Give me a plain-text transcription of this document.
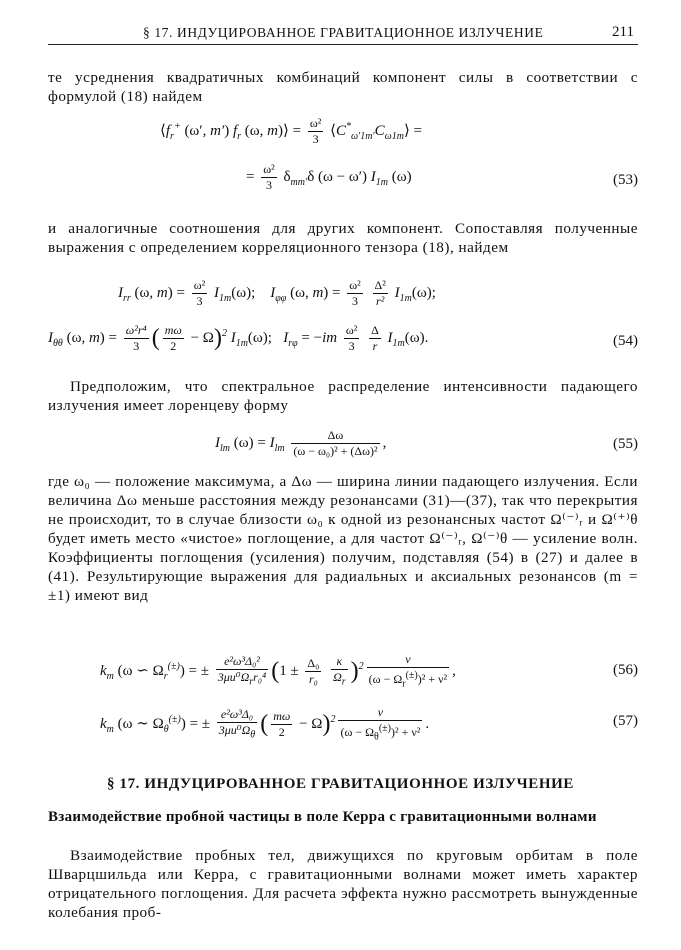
§ 17. ИНДУЦИРОВАННОЕ ГРАВИТАЦИОННОЕ ИЗЛУЧЕНИЕ	211

те усреднения квадратичных комбинаций компонент силы в соответствии с формулой (18) найдем

$⟨f_r^+$ (ω′, m′) $f_r$ (ω, m)⟩ = $\frac{\text{ω²}}{3}$ $⟨C^*_{\omega'1m'}C_{\omega 1m}⟩$ =
= $\frac{\text{ω²}}{3} \delta_{mm'}\delta$ (ω − ω′) $I_{1m}$ (ω)	(53)

и аналогичные соотношения для других компонент. Сопоставляя полученные выражения с определением корреляционного тензора (18), найдем

$I_{rr}$ (ω, $m) = \frac{\text{ω²}}{3} I_{1m}(\omega)$;    $I_{\varphi\varphi}$ (ω, $m) = \frac{\text{ω²}}{3}$
$\frac{\text{Δ²}}{\text{r²}} I_{1m}(\omega)$;
$I_{\theta\theta}$ (ω, $m) = \frac{\text{ω²r⁴}}{3}$ ( $\frac{m\omega}{2} - \Omega)^2$ $I_{1m}(\omega)$;   $I_{r\varphi} = -im \frac{\text{ω²}}{3}$
$\frac{\Delta}{r} I_{1m}(\omega)$.	(54)

Предположим, что спектральное распределение интенсивности падающего излучения имеет лоренцеву форму

$I_{lm}$ $(\omega) = I_{lm} \frac{\Delta\omega}{\text{(ω − ω₀)² + (Δω)²}}$ ,	(55)

где ω₀ — положение максимума, а Δω — ширина линии падающего излучения. Если величина Δω меньше расстояния между резонансами (31)—(37), так что перекрытия не происходит, то в случае близости ω₀ к одной из резонансных частот Ω⁽⁻⁾ᵣ и Ω⁽⁺⁾θ будет иметь место «чистое» поглощение, а для частот Ω⁽⁻⁾ᵣ, Ω⁽⁻⁾θ — усиление волн. Коэффициенты поглощения (усиления) получим, подставляя (54) в (27) и далее в (41). Результирующие выражения для радиальных и аксиальных резонансов (m = ±1) имеют вид

$k_m$ (ω ∽ $\Omega_r^{(\pm)}$) = ± $\frac{\text{e²ω³Δ₀²}}{3\mu u^0\Omega_rr_0^4} (1 \pm \frac{\text{Δ₀}}{\text{r₀}}$
$\frac{\kappa}{\Omega_r} )^2 \frac{\nu}{(\omega - \Omega_r^{(\pm)})^2 + \nu^2}$ ,	(56)
$k_m$ (ω ∼ $\Omega_\theta^{(\pm)}$) = ± $\frac{\text{e²ω³Δ₀}}{3\mu u^0\Omega_\theta}$ ( $\frac{m\omega}{2} - \Omega)^2 \frac{\nu}{(\omega - \Omega_\theta^{(\pm)})^2 + \nu^2}$ .	(57)
§ 17. ИНДУЦИРОВАННОЕ ГРАВИТАЦИОННОЕ ИЗЛУЧЕНИЕ

Взаимодействие пробной частицы в поле Керра с гравитационными волнами

Взаимодействие пробных тел, движущихся по круговым орбитам в поле Шварцшильда или Керра, с гравитационными волнами может иметь характер отрицательного поглощения. Для расчета эффекта нужно рассмотреть вынужденные колебания проб-
